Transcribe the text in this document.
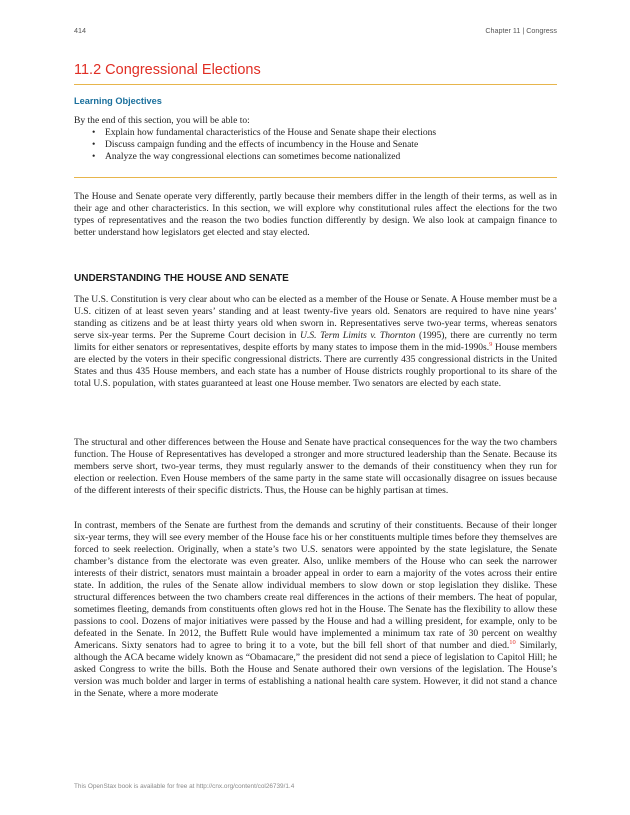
414	Chapter 11 | Congress
11.2 Congressional Elections
Learning Objectives

By the end of this section, you will be able to:

• Explain how fundamental characteristics of the House and Senate shape their elections
• Discuss campaign funding and the effects of incumbency in the House and Senate
• Analyze the way congressional elections can sometimes become nationalized

The House and Senate operate very differently, partly because their members differ in the length of their terms, as well as in their age and other characteristics. In this section, we will explore why constitutional rules affect the elections for the two types of representatives and the reason the two bodies function differently by design. We also look at campaign finance to better understand how legislators get elected and stay elected.

UNDERSTANDING THE HOUSE AND SENATE

The U.S. Constitution is very clear about who can be elected as a member of the House or Senate. A House member must be a U.S. citizen of at least seven years’ standing and at least twenty-five years old. Senators are required to have nine years’ standing as citizens and be at least thirty years old when sworn in. Representatives serve two-year terms, whereas senators serve six-year terms. Per the Supreme Court decision in U.S. Term Limits v. Thornton (1995), there are currently no term limits for either senators or representatives, despite efforts by many states to impose them in the mid-1990s.$^9$ House members are elected by the voters in their specific congressional districts. There are currently 435 congressional districts in the United States and thus 435 House members, and each state has a number of House districts roughly proportional to its share of the total U.S. population, with states guaranteed at least one House member. Two senators are elected by each state.

The structural and other differences between the House and Senate have practical consequences for the way the two chambers function. The House of Representatives has developed a stronger and more structured leadership than the Senate. Because its members serve short, two-year terms, they must regularly answer to the demands of their constituency when they run for election or reelection. Even House members of the same party in the same state will occasionally disagree on issues because of the different interests of their specific districts. Thus, the House can be highly partisan at times.

In contrast, members of the Senate are furthest from the demands and scrutiny of their constituents. Because of their longer six-year terms, they will see every member of the House face his or her constituents multiple times before they themselves are forced to seek reelection. Originally, when a state’s two U.S. senators were appointed by the state legislature, the Senate chamber’s distance from the electorate was even greater. Also, unlike members of the House who can seek the narrower interests of their district, senators must maintain a broader appeal in order to earn a majority of the votes across their entire state. In addition, the rules of the Senate allow individual members to slow down or stop legislation they dislike. These structural differences between the two chambers create real differences in the actions of their members. The heat of popular, sometimes fleeting, demands from constituents often glows red hot in the House. The Senate has the flexibility to allow these passions to cool. Dozens of major initiatives were passed by the House and had a willing president, for example, only to be defeated in the Senate. In 2012, the Buffett Rule would have implemented a minimum tax rate of 30 percent on wealthy Americans. Sixty senators had to agree to bring it to a vote, but the bill fell short of that number and died.$^{10}$ Similarly, although the ACA became widely known as “Obamacare,” the president did not send a piece of legislation to Capitol Hill; he asked Congress to write the bills. Both the House and Senate authored their own versions of the legislation. The House’s version was much bolder and larger in terms of establishing a national health care system. However, it did not stand a chance in the Senate, where a more moderate

This OpenStax book is available for free at http://cnx.org/content/col26739/1.4
